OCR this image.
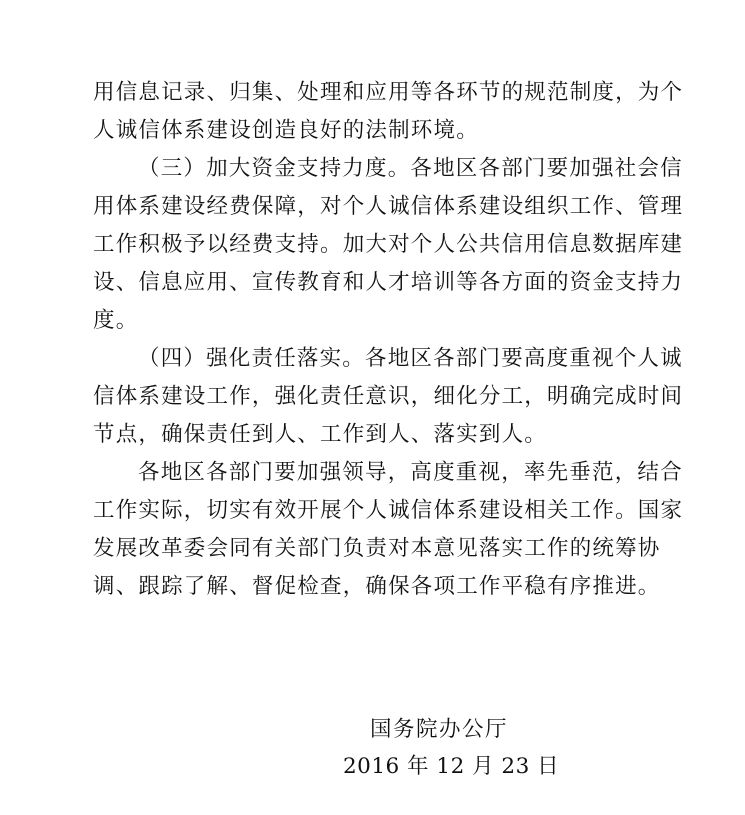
用信息记录、归集、处理和应用等各环节的规范制度，为个
人诚信体系建设创造良好的法制环境。
（三）加大资金支持力度。各地区各部门要加强社会信
用体系建设经费保障，对个人诚信体系建设组织工作、管理
工作积极予以经费支持。加大对个人公共信用信息数据库建
设、信息应用、宣传教育和人才培训等各方面的资金支持力
度。
（四）强化责任落实。各地区各部门要高度重视个人诚
信体系建设工作，强化责任意识，细化分工，明确完成时间
节点，确保责任到人、工作到人、落实到人。
各地区各部门要加强领导，高度重视，率先垂范，结合
工作实际，切实有效开展个人诚信体系建设相关工作。国家
发展改革委会同有关部门负责对本意见落实工作的统筹协
调、跟踪了解、督促检查，确保各项工作平稳有序推进。
国务院办公厅
2016 年 12 月 23 日
